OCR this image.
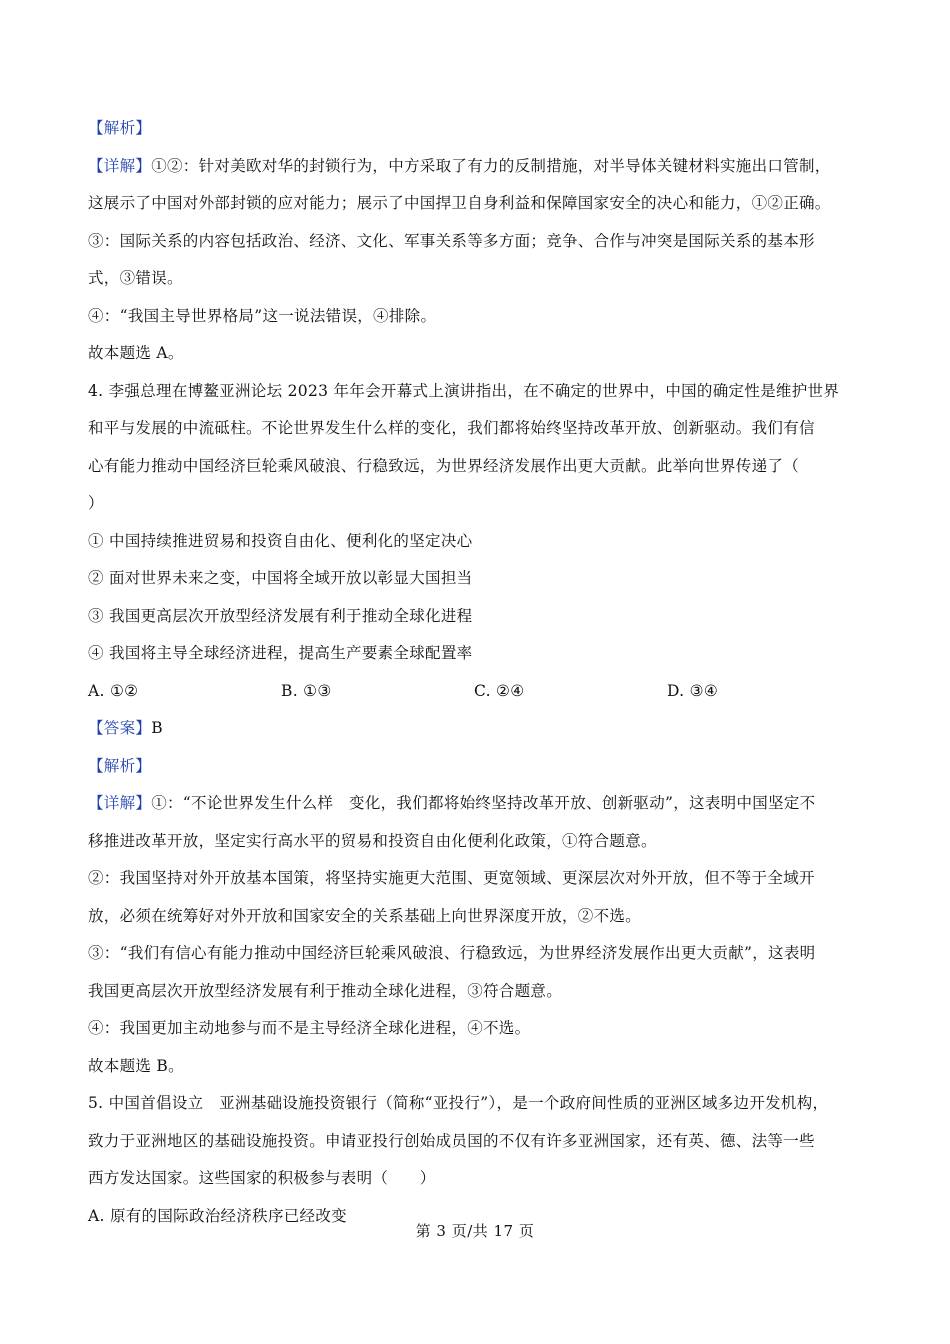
【解析】
【详解】①②：针对美欧对华的封锁行为，中方采取了有力的反制措施，对半导体关键材料实施出口管制，
这展示了中国对外部封锁的应对能力；展示了中国捍卫自身利益和保障国家安全的决心和能力，①②正确。
③：国际关系的内容包括政治、经济、文化、军事关系等多方面；竞争、合作与冲突是国际关系的基本形
式，③错误。
④：“我国主导世界格局”这一说法错误，④排除。
故本题选 A。
4. 李强总理在博鳌亚洲论坛 2023 年年会开幕式上演讲指出，在不确定的世界中，中国的确定性是维护世界
和平与发展的中流砥柱。不论世界发生什么样的变化，我们都将始终坚持改革开放、创新驱动。我们有信
心有能力推动中国经济巨轮乘风破浪、行稳致远，为世界经济发展作出更大贡献。此举向世界传递了（
）
① 中国持续推进贸易和投资自由化、便利化的坚定决心
② 面对世界未来之变，中国将全域开放以彰显大国担当
③ 我国更高层次开放型经济发展有利于推动全球化进程
④ 我国将主导全球经济进程，提高生产要素全球配置率
A. ①②	B. ①③	C. ②④	D. ③④
【答案】B
【解析】
【详解】①：“不论世界发生什么样　变化，我们都将始终坚持改革开放、创新驱动”，这表明中国坚定不
移推进改革开放，坚定实行高水平的贸易和投资自由化便利化政策，①符合题意。
②：我国坚持对外开放基本国策，将坚持实施更大范围、更宽领域、更深层次对外开放，但不等于全域开
放，必须在统筹好对外开放和国家安全的关系基础上向世界深度开放，②不选。
③：“我们有信心有能力推动中国经济巨轮乘风破浪、行稳致远，为世界经济发展作出更大贡献”，这表明
我国更高层次开放型经济发展有利于推动全球化进程，③符合题意。
④：我国更加主动地参与而不是主导经济全球化进程，④不选。
故本题选 B。
5. 中国首倡设立　亚洲基础设施投资银行（简称“亚投行”），是一个政府间性质的亚洲区域多边开发机构，
致力于亚洲地区的基础设施投资。申请亚投行创始成员国的不仅有许多亚洲国家，还有英、德、法等一些
西方发达国家。这些国家的积极参与表明（　　）
A. 原有的国际政治经济秩序已经改变
第 3 页/共 17 页
